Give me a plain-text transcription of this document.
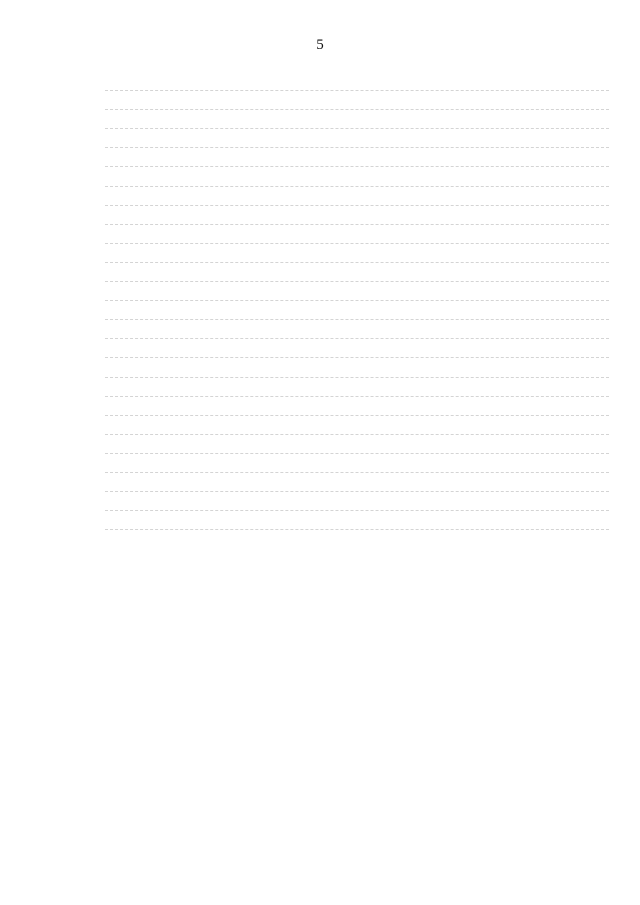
5
